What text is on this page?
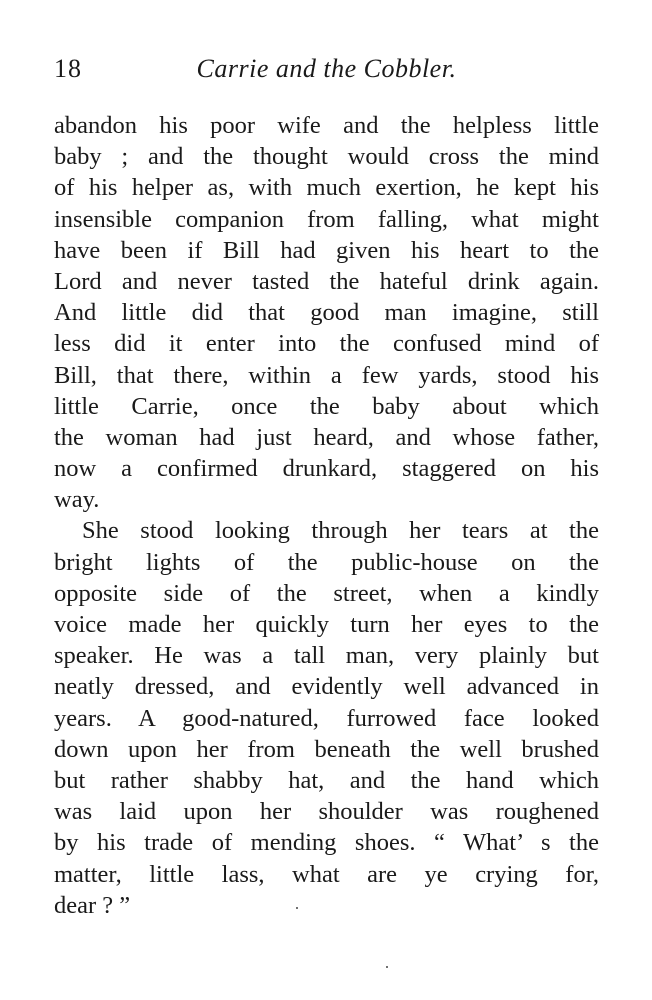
18	Carrie and the Cobbler.
abandon his poor wife and the helpless little
baby ; and the thought would cross the mind
of his helper as, with much exertion, he kept his
insensible companion from falling, what might
have been if Bill had given his heart to the
Lord and never tasted the hateful drink again.
And little did that good man imagine, still
less did it enter into the confused mind of
Bill, that there, within a few yards, stood his
little Carrie, once the baby about which
the woman had just heard, and whose father,
now a confirmed drunkard, staggered on his
way.
She stood looking through her tears at the
bright lights of the public-house on the
opposite side of the street, when a kindly
voice made her quickly turn her eyes to the
speaker. He was a tall man, very plainly but
neatly dressed, and evidently well advanced in
years. A good-natured, furrowed face looked
down upon her from beneath the well brushed
but rather shabby hat, and the hand which
was laid upon her shoulder was roughened
by his trade of mending shoes. “ What’ s the
matter, little lass, what are ye crying for,
dear ? ”
